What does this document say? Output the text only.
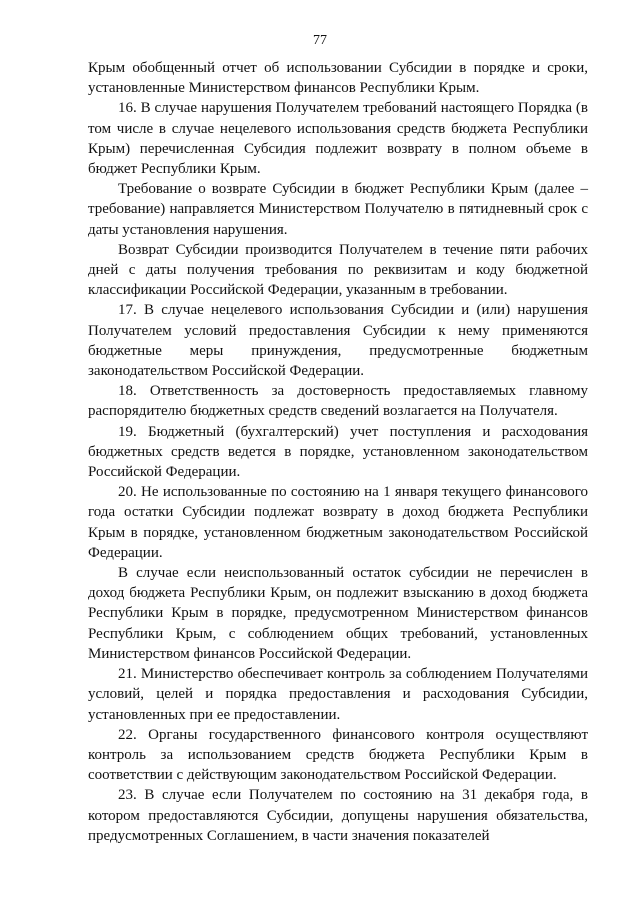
77

Крым обобщенный отчет об использовании Субсидии в порядке и сроки, установленные Министерством финансов Республики Крым.

16. В случае нарушения Получателем требований настоящего Порядка (в том числе в случае нецелевого использования средств бюджета Республики Крым) перечисленная Субсидия подлежит возврату в полном объеме в бюджет Республики Крым.

Требование о возврате Субсидии в бюджет Республики Крым (далее – требование) направляется Министерством Получателю в пятидневный срок с даты установления нарушения.

Возврат Субсидии производится Получателем в течение пяти рабочих дней с даты получения требования по реквизитам и коду бюджетной классификации Российской Федерации, указанным в требовании.

17. В случае нецелевого использования Субсидии и (или) нарушения Получателем условий предоставления Субсидии к нему применяются бюджетные меры принуждения, предусмотренные бюджетным законодательством Российской Федерации.

18. Ответственность за достоверность предоставляемых главному распорядителю бюджетных средств сведений возлагается на Получателя.

19. Бюджетный (бухгалтерский) учет поступления и расходования бюджетных средств ведется в порядке, установленном законодательством Российской Федерации.

20. Не использованные по состоянию на 1 января текущего финансового года остатки Субсидии подлежат возврату в доход бюджета Республики Крым в порядке, установленном бюджетным законодательством Российской Федерации.

В случае если неиспользованный остаток субсидии не перечислен в доход бюджета Республики Крым, он подлежит взысканию в доход бюджета Республики Крым в порядке, предусмотренном Министерством финансов Республики Крым, с соблюдением общих требований, установленных Министерством финансов Российской Федерации.

21. Министерство обеспечивает контроль за соблюдением Получателями условий, целей и порядка предоставления и расходования Субсидии, установленных при ее предоставлении.

22. Органы государственного финансового контроля осуществляют контроль за использованием средств бюджета Республики Крым в соответствии с действующим законодательством Российской Федерации.

23. В случае если Получателем по состоянию на 31 декабря года, в котором предоставляются Субсидии, допущены нарушения обязательства, предусмотренных Соглашением, в части значения показателей
